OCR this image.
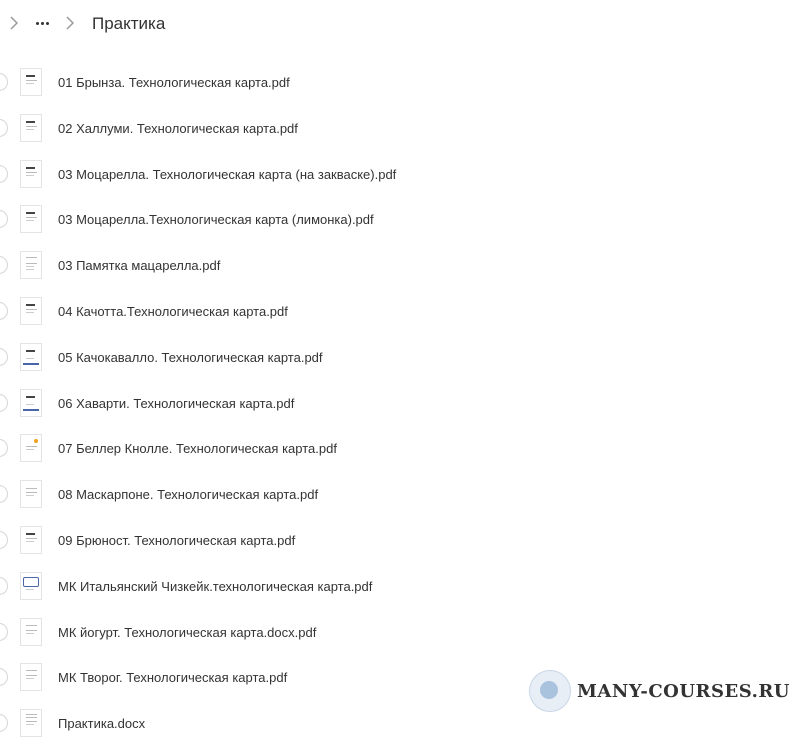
Практика
01 Брынза. Технологическая карта.pdf
02 Халлуми. Технологическая карта.pdf
03 Моцарелла. Технологическая карта (на закваске).pdf
03 Моцарелла.Технологическая карта (лимонка).pdf
03 Памятка мацарелла.pdf
04 Качотта.Технологическая карта.pdf
05 Качокавалло. Технологическая карта.pdf
06 Хаварти. Технологическая карта.pdf
07 Беллер Кнолле. Технологическая карта.pdf
08 Маскарпоне. Технологическая карта.pdf
09 Брюност. Технологическая карта.pdf
МК Итальянский Чизкейк.технологическая карта.pdf
МК йогурт. Технологическая карта.docx.pdf
МК Творог. Технологическая карта.pdf
Практика.docx
MANY-COURSES.RU
